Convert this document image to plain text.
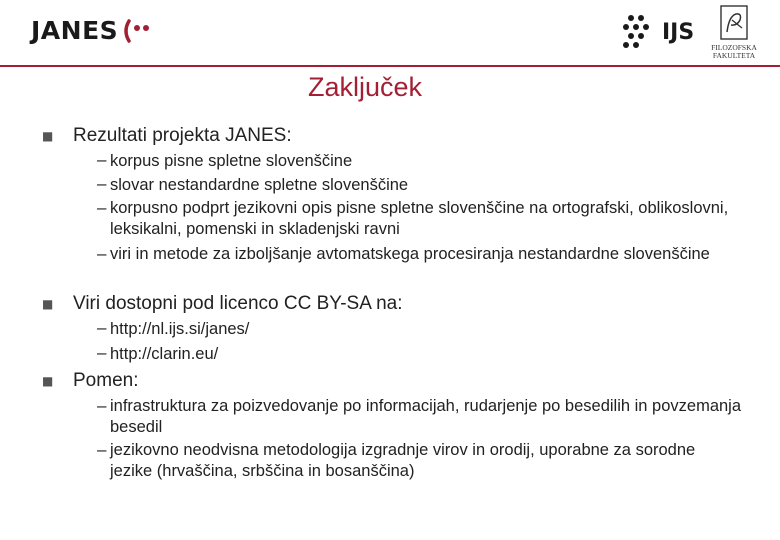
JANES	IJS
FILOZOFSKA FAKULTETA
Zaključek
■ Rezultati projekta JANES:
– korpus pisne spletne slovenščine
– slovar nestandardne spletne slovenščine
– korpusno podprt jezikovni opis pisne spletne slovenščine na ortografski, oblikoslovni, leksikalni, pomenski in skladenjski ravni
– viri in metode za izboljšanje avtomatskega procesiranja nestandardne slovenščine
■ Viri dostopni pod licenco CC BY-SA na:
– http://nl.ijs.si/janes/
– http://clarin.eu/
■ Pomen:
– infrastruktura za poizvedovanje po informacijah, rudarjenje po besedilih in povzemanja besedil
– jezikovno neodvisna metodologija izgradnje virov in orodij, uporabne za sorodne jezike (hrvaščina, srbščina in bosanščina)
